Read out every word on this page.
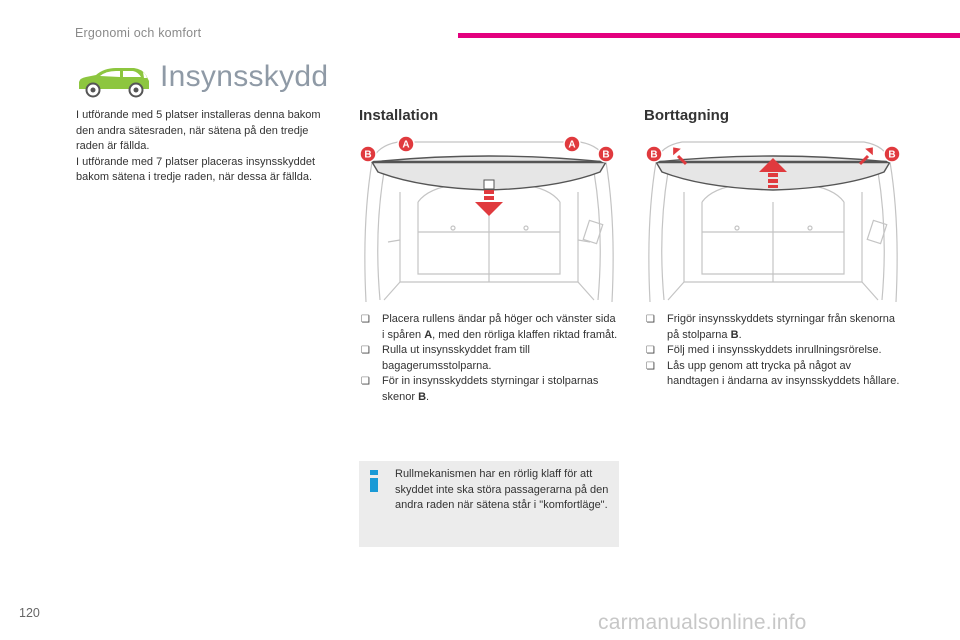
Ergonomi och komfort
Insynsskydd
I utförande med 5 platser installeras denna bakom den andra sätesraden, när sätena på den tredje raden är fällda.
I utförande med 7 platser placeras insynsskyddet bakom sätena i tredje raden, när dessa är fällda.
Installation	Borttagning
A	A
B	B	B	B
❏ Placera rullens ändar på höger och vänster sida i spåren A, med den rörliga klaffen riktad framåt.
❏ Rulla ut insynsskyddet fram till bagagerumsstolparna.
❏ För in insynsskyddets styrningar i stolparnas skenor B.
❏ Frigör insynsskyddets styrningar från skenorna på stolparna B.
❏ Följ med i insynsskyddets inrullningsrörelse.
❏ Lås upp genom att trycka på något av handtagen i ändarna av insynsskyddets hållare.
Rullmekanismen har en rörlig klaff för att skyddet inte ska störa passagerarna på den andra raden när sätena står i "komfortläge".
120	carmanualsonline.info
